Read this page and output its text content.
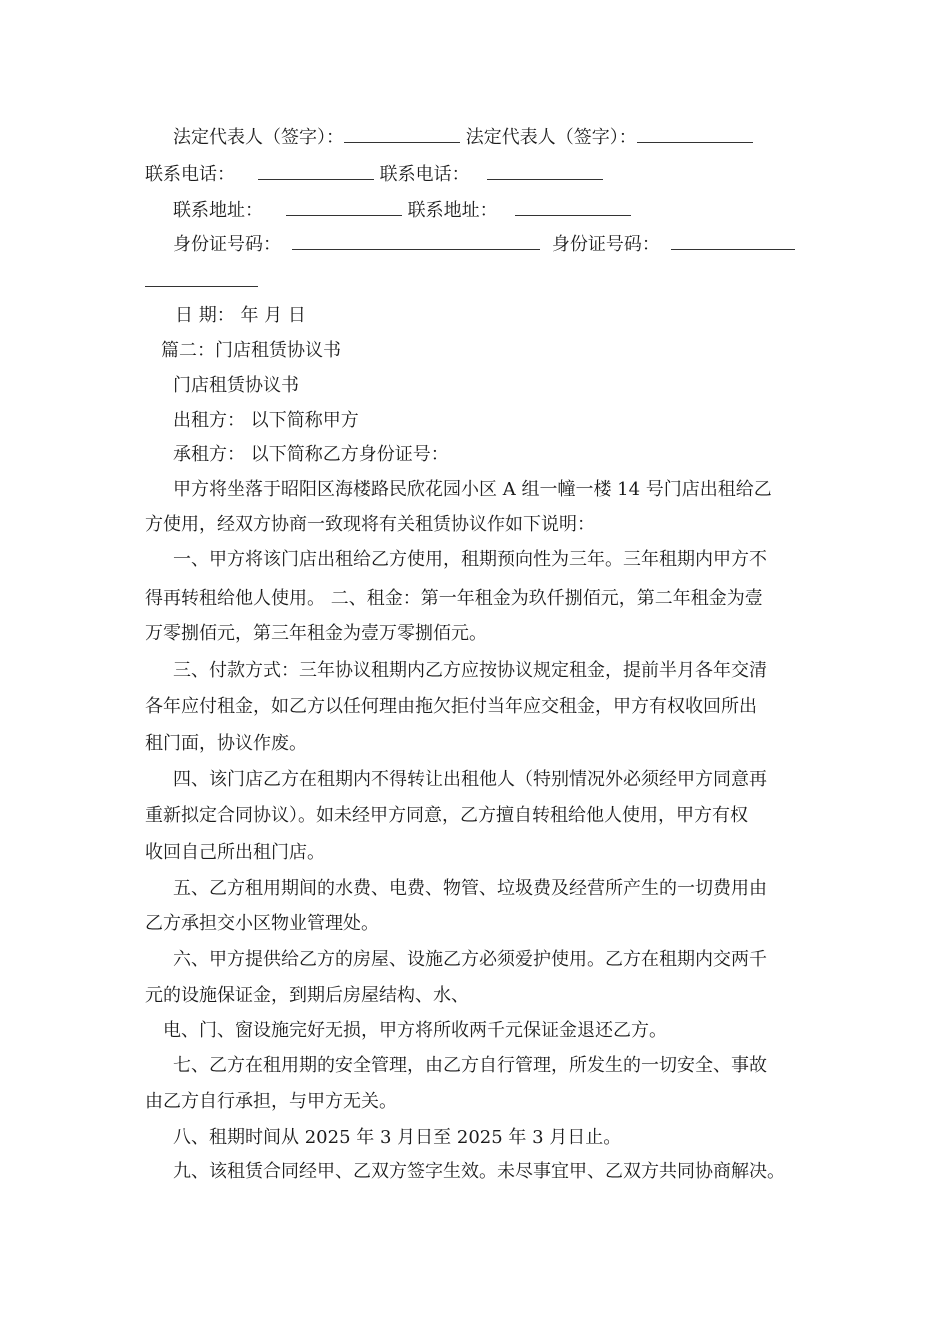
法定代表人（签字）：	法定代表人（签字）：
联系电话：	联系电话：
联系地址：	联系地址：
身份证号码：	身份证号码：
日 期： 年 月 日
篇二：门店租赁协议书
门店租赁协议书
出租方： 以下简称甲方
承租方： 以下简称乙方身份证号：
甲方将坐落于昭阳区海楼路民欣花园小区 A 组一幢一楼 14 号门店出租给乙
方使用，经双方协商一致现将有关租赁协议作如下说明：
一、甲方将该门店出租给乙方使用，租期预向性为三年。三年租期内甲方不
得再转租给他人使用。 二、租金：第一年租金为玖仟捌佰元，第二年租金为壹
万零捌佰元，第三年租金为壹万零捌佰元。
三、付款方式：三年协议租期内乙方应按协议规定租金，提前半月各年交清
各年应付租金，如乙方以任何理由拖欠拒付当年应交租金，甲方有权收回所出
租门面，协议作废。
四、该门店乙方在租期内不得转让出租他人（特别情况外必须经甲方同意再
重新拟定合同协议）。如未经甲方同意，乙方擅自转租给他人使用，甲方有权
收回自己所出租门店。
五、乙方租用期间的水费、电费、物管、垃圾费及经营所产生的一切费用由
乙方承担交小区物业管理处。
六、甲方提供给乙方的房屋、设施乙方必须爱护使用。乙方在租期内交两千
元的设施保证金，到期后房屋结构、水、
电、门、窗设施完好无损，甲方将所收两千元保证金退还乙方。
七、乙方在租用期的安全管理，由乙方自行管理，所发生的一切安全、事故
由乙方自行承担，与甲方无关。
八、租期时间从 2025 年 3 月日至 2025 年 3 月日止。
九、该租赁合同经甲、乙双方签字生效。未尽事宜甲、乙双方共同协商解决。
